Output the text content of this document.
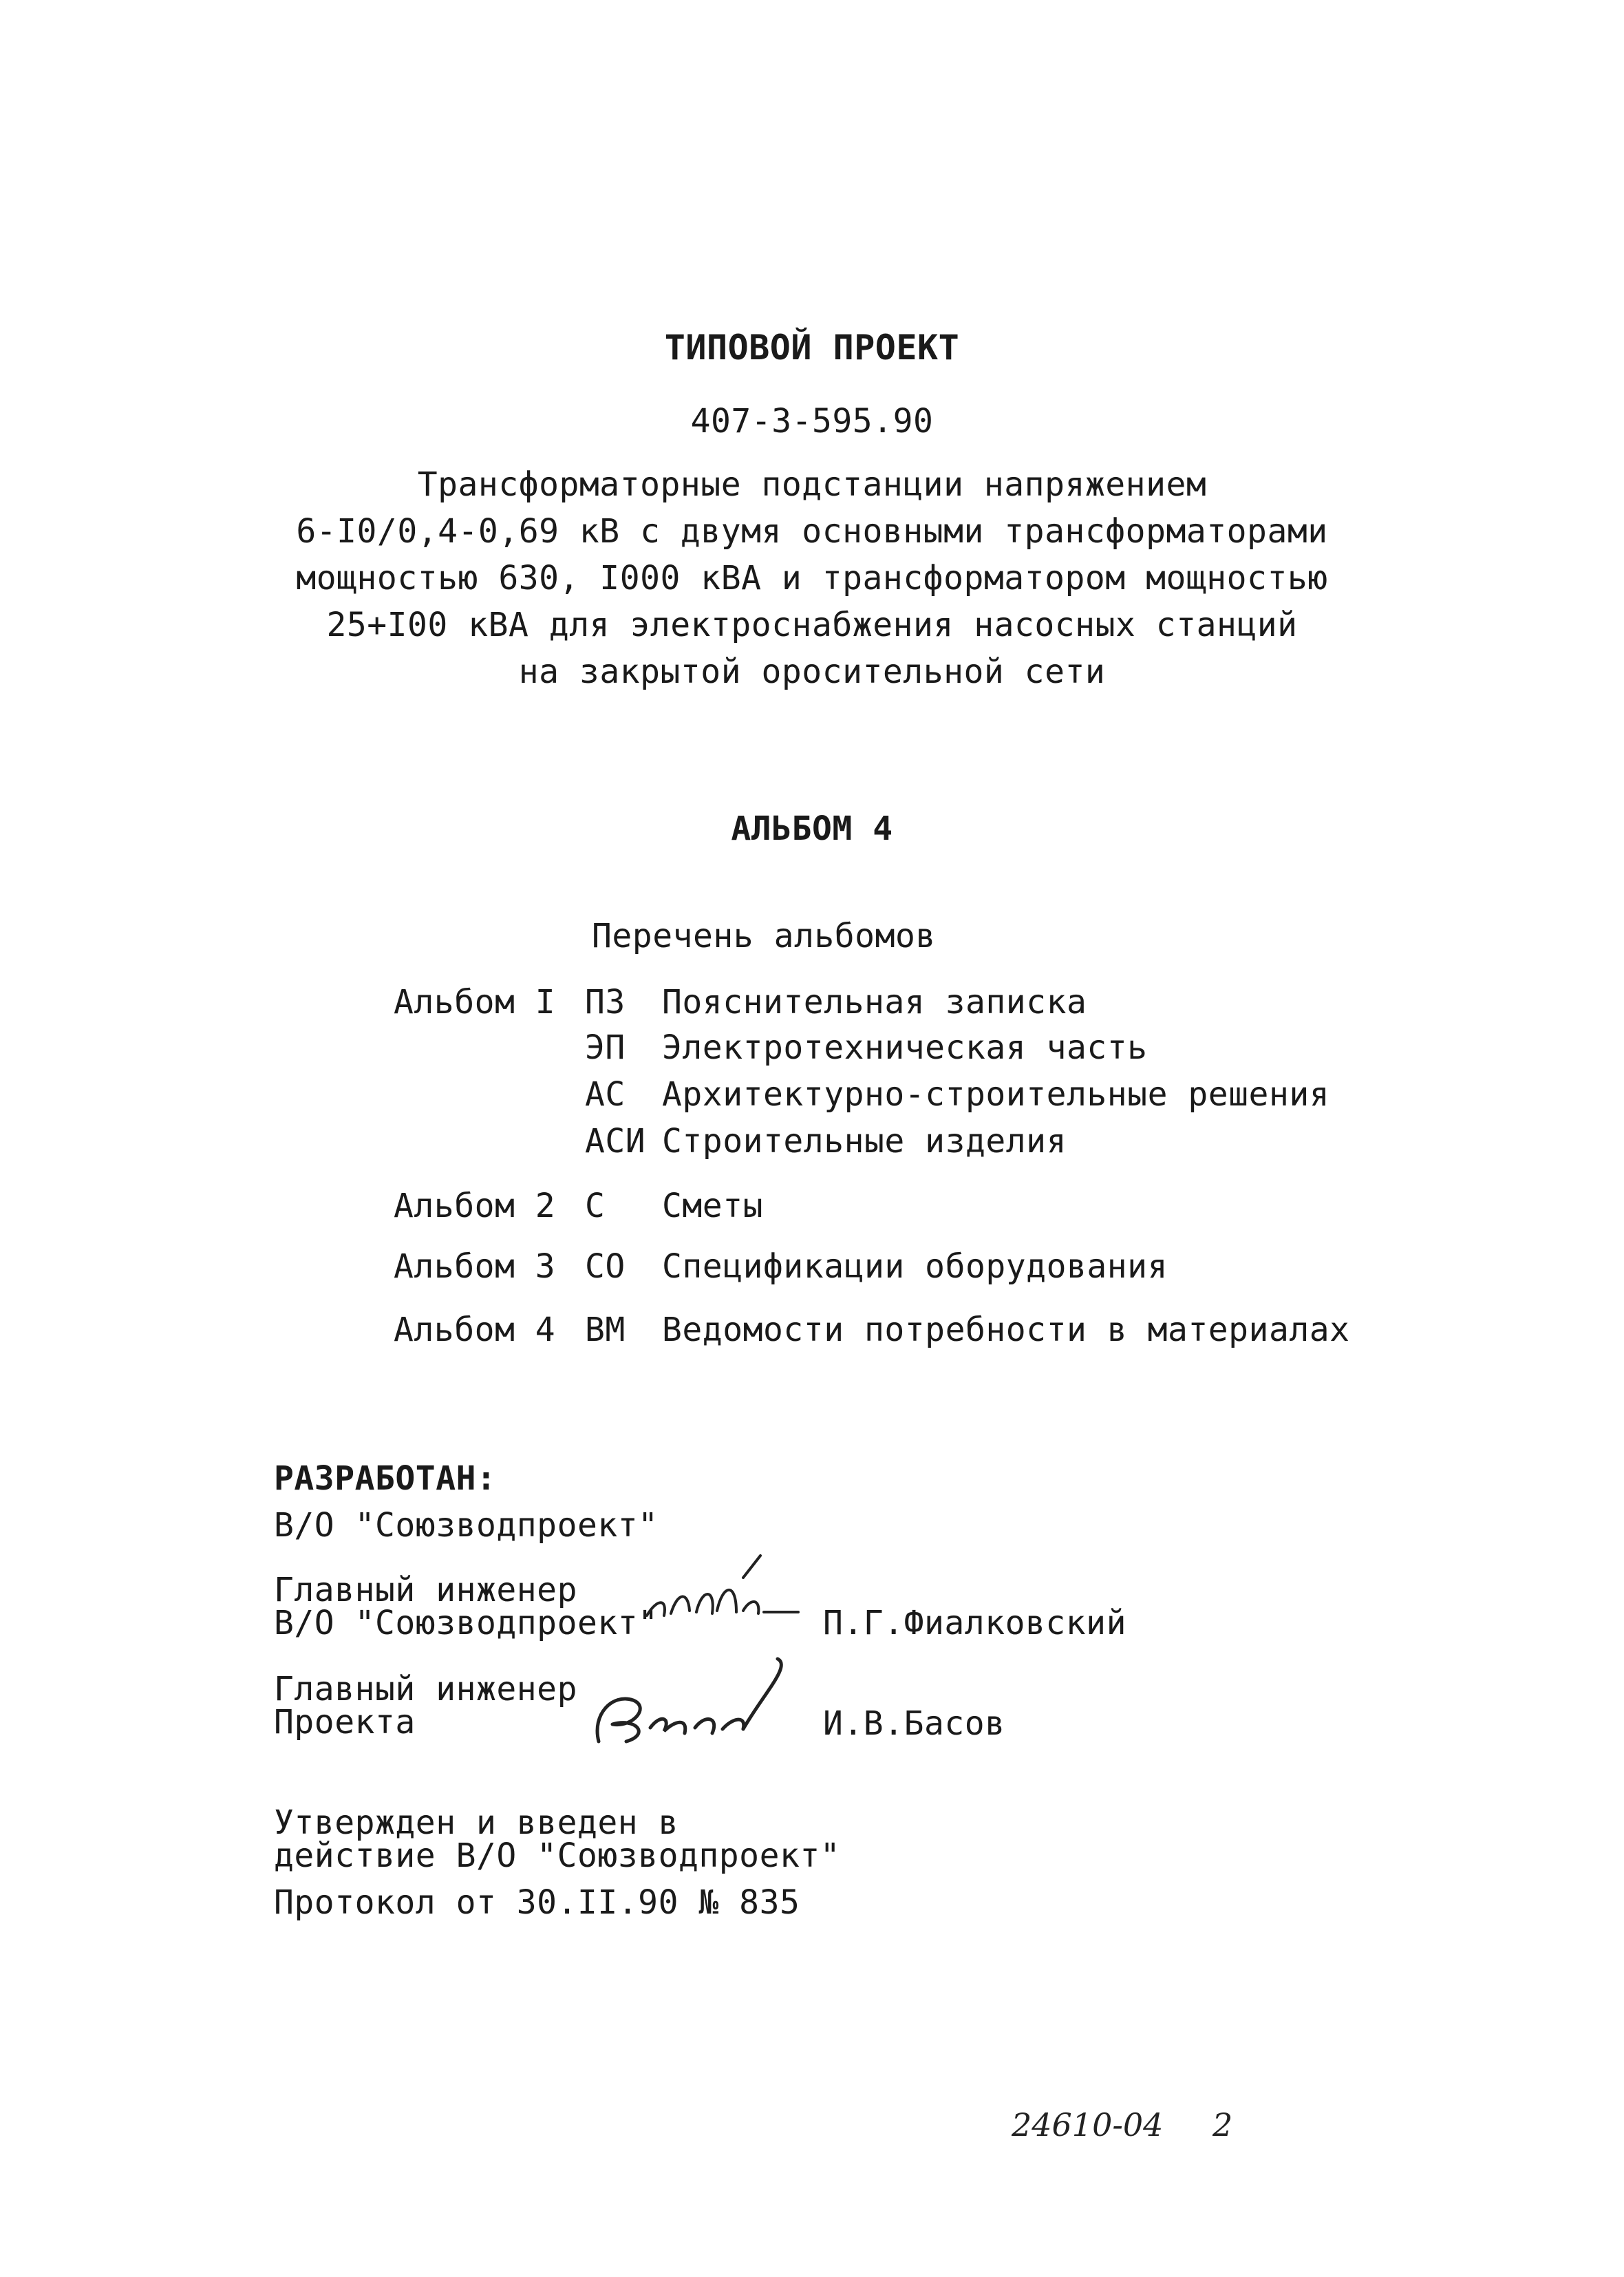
ТИПОВОЙ ПРОЕКТ
407-3-595.90
Трансформаторные подстанции напряжением
6-I0/0,4-0,69 кВ с двумя основными трансформаторами
мощностью 630, I000 кВА и трансформатором мощностью
25+I00 кВА для электроснабжения насосных станций
на закрытой оросительной сети
АЛЬБОМ 4
Перечень альбомов
Альбом I ПЗ Пояснительная записка
ЭП Электротехническая часть
АС Архитектурно-строительные решения
АСИ Строительные изделия
Альбом 2 С Сметы
Альбом 3 СО Спецификации оборудования
Альбом 4 ВМ Ведомости потребности в материалах
РАЗРАБОТАН:
В/О "Союзводпроект"
Главный инженер
В/О "Союзводпроект"	П.Г.Фиалковский
Главный инженер
Проекта	И.В.Басов
Утвержден и введен в
действие В/О "Союзводпроект"
Протокол от 30.II.90 № 835
24610-04 2
